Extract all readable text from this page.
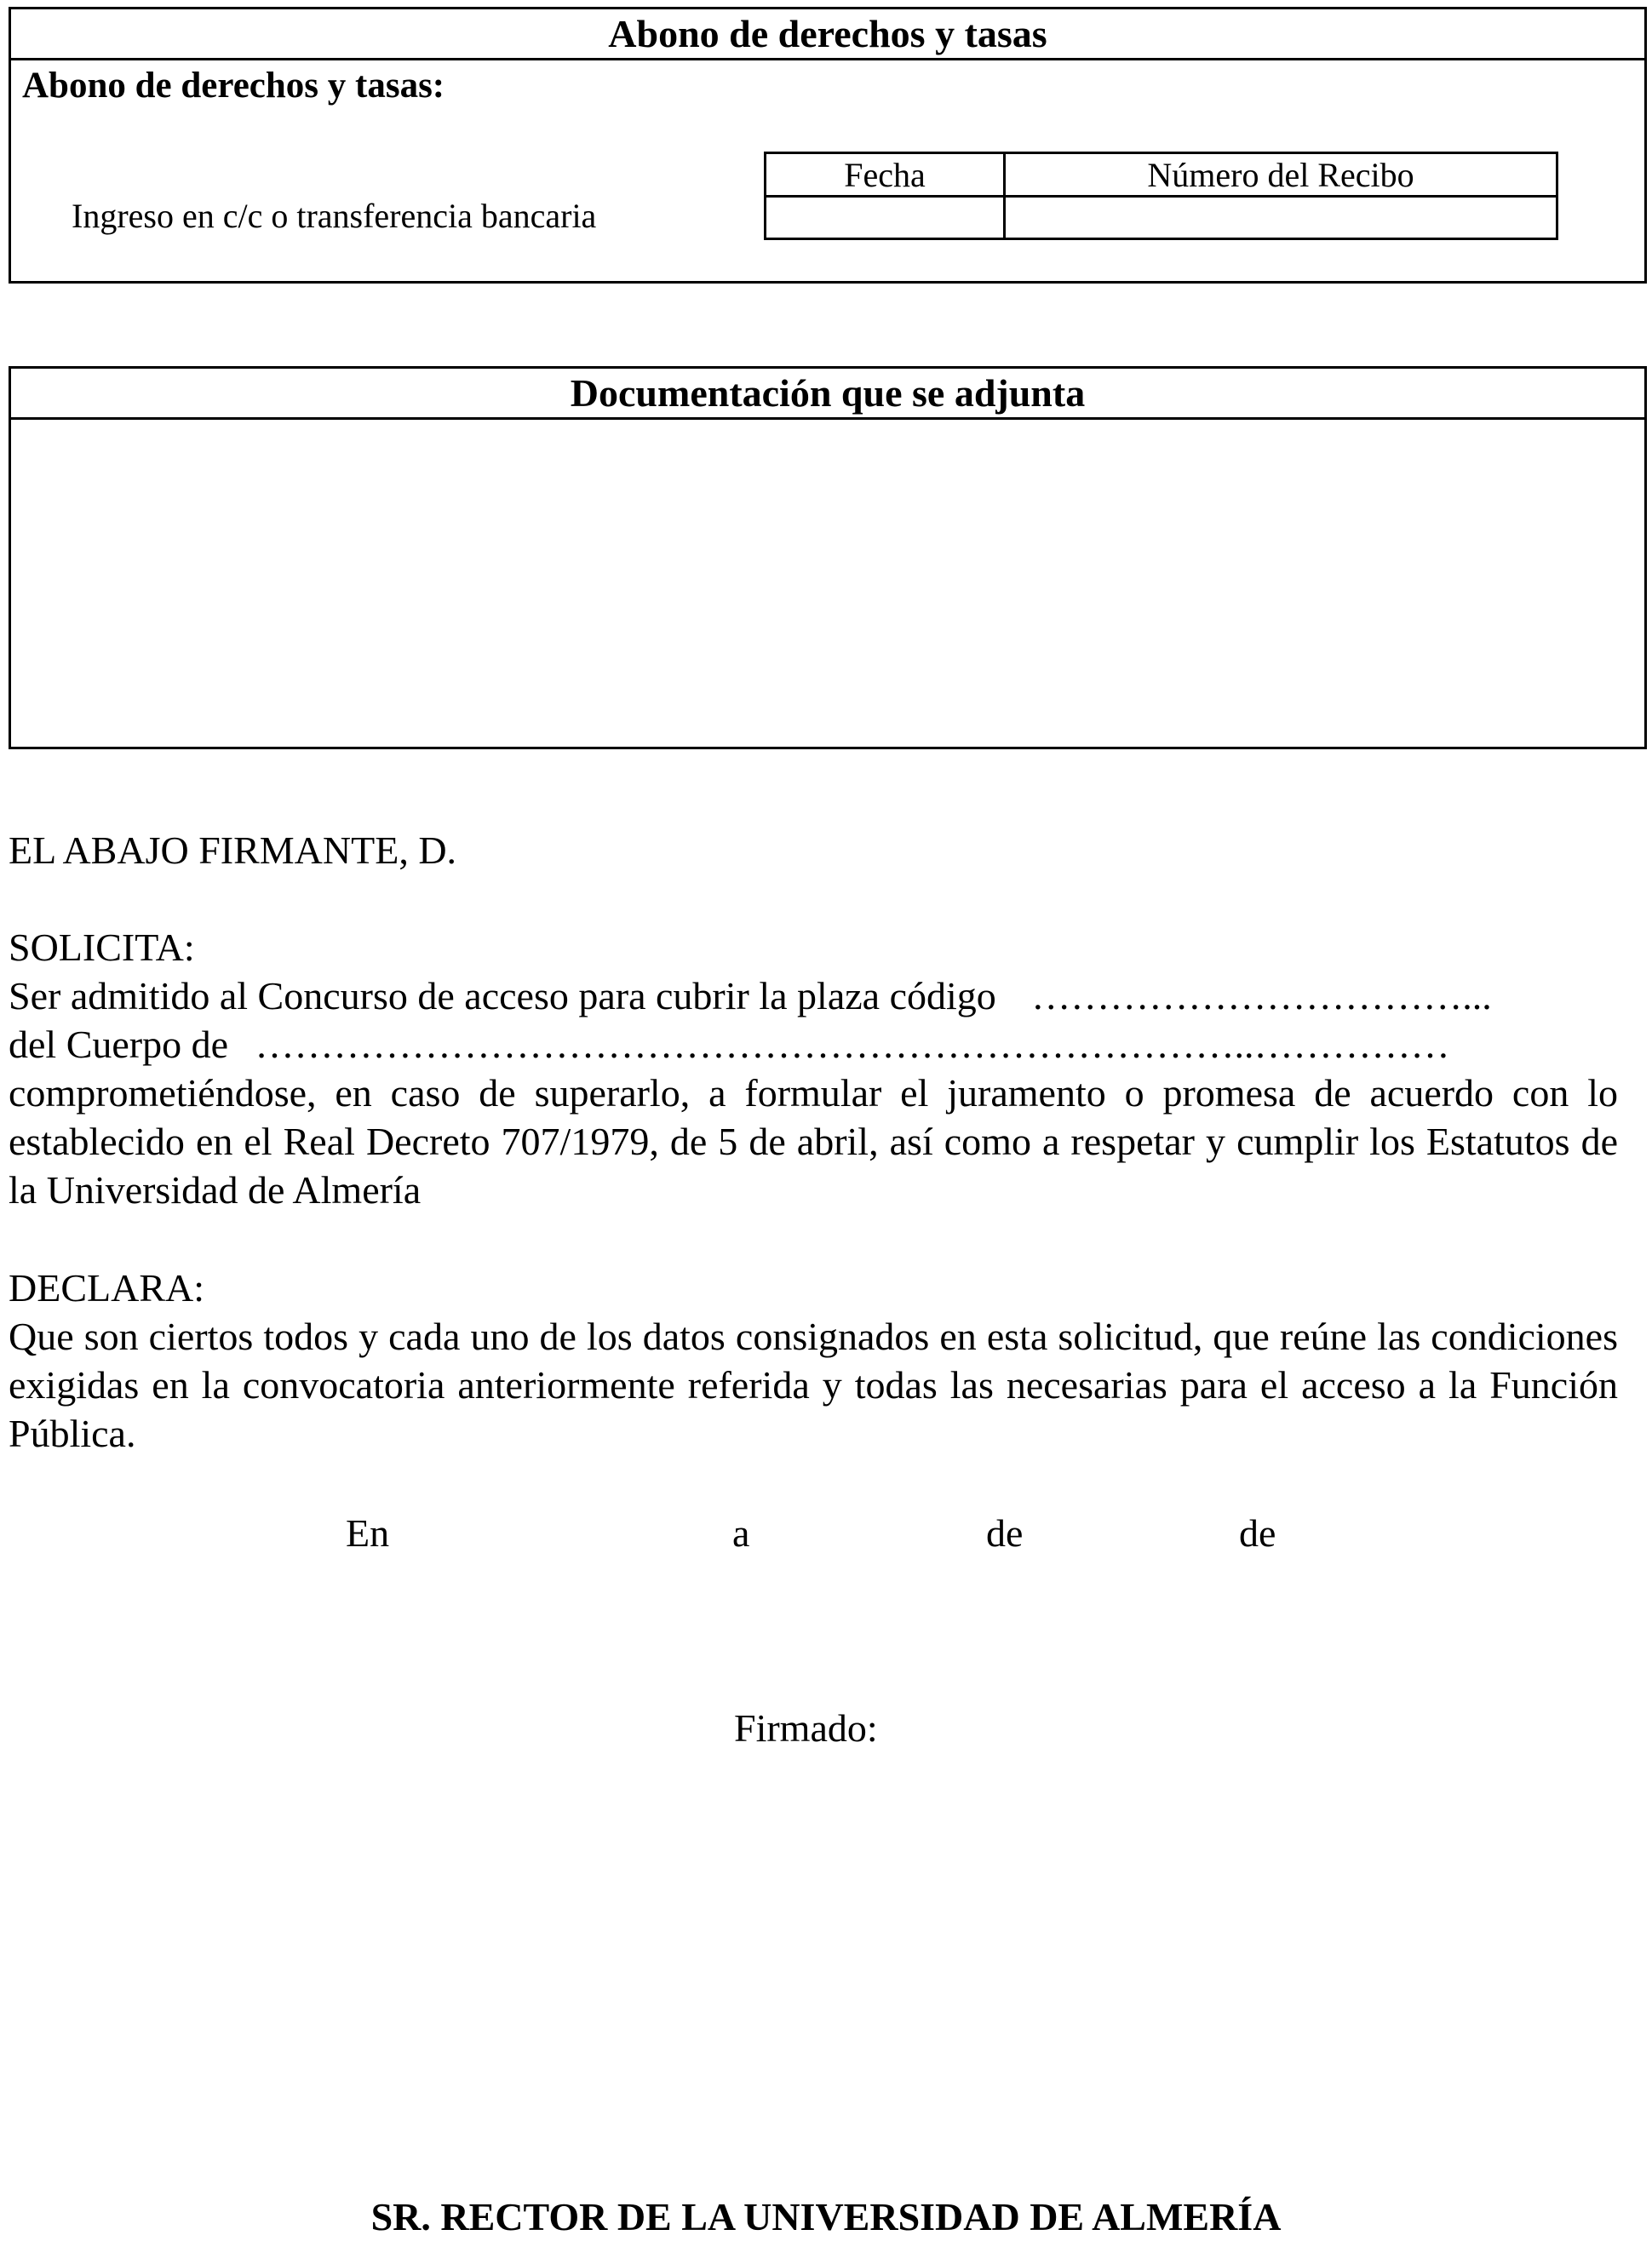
Abono de derechos y tasas
Abono de derechos y tasas:
Ingreso en c/c o transferencia bancaria
Fecha	Número del Recibo
Documentación que se adjunta
EL ABAJO FIRMANTE, D.
SOLICITA:
Ser admitido al Concurso de acceso para cubrir la plaza código ……………………………...
del Cuerpo de …………………………………………………………………..……………
comprometiéndose, en caso de superarlo, a formular el juramento o promesa de acuerdo con lo establecido en el Real Decreto 707/1979, de 5 de abril, así como a respetar y cumplir los Estatutos de la Universidad de Almería
DECLARA:
Que son ciertos todos y cada uno de los datos consignados en esta solicitud, que reúne las condiciones exigidas en la convocatoria anteriormente referida y todas las necesarias para el acceso a la Función Pública.
En	a	de	de
Firmado:
SR. RECTOR DE LA UNIVERSIDAD DE ALMERÍA
